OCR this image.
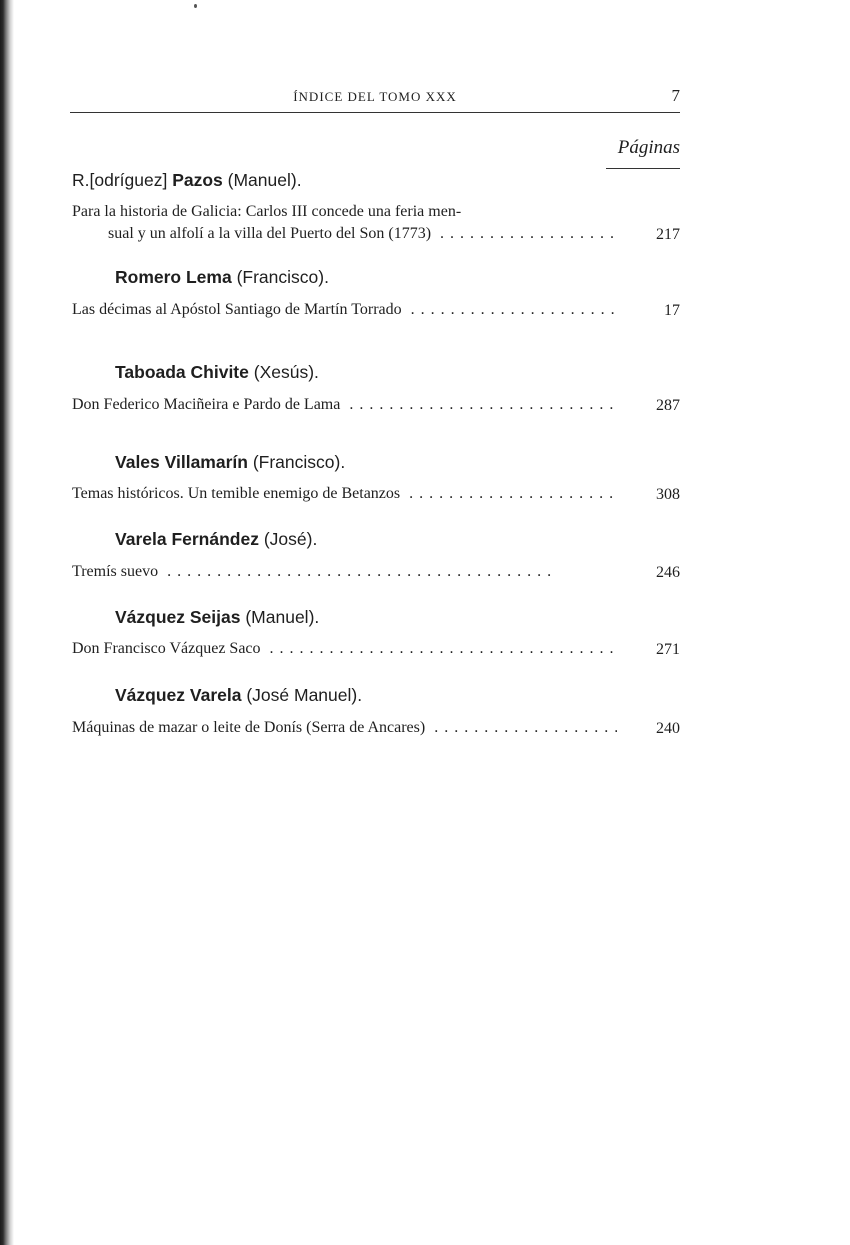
ÍNDICE DEL TOMO XXX	7
Páginas
R.[odríguez] Pazos (Manuel).
Para la historia de Galicia: Carlos III concede una feria men-
sual y un alfolí a la villa del Puerto del Son (1773) . .	217
Romero Lema (Francisco).
Las décimas al Apóstol Santiago de Martín Torrado . .	17
Taboada Chivite (Xesús).
Don Federico Maciñeira e Pardo de Lama . .	287
Vales Villamarín (Francisco).
Temas históricos. Un temible enemigo de Betanzos . .	308
Varela Fernández (José).
Tremís suevo . .	246
Vázquez Seijas (Manuel).
Don Francisco Vázquez Saco . .	271
Vázquez Varela (José Manuel).
Máquinas de mazar o leite de Donís (Serra de Ancares) . .	240
